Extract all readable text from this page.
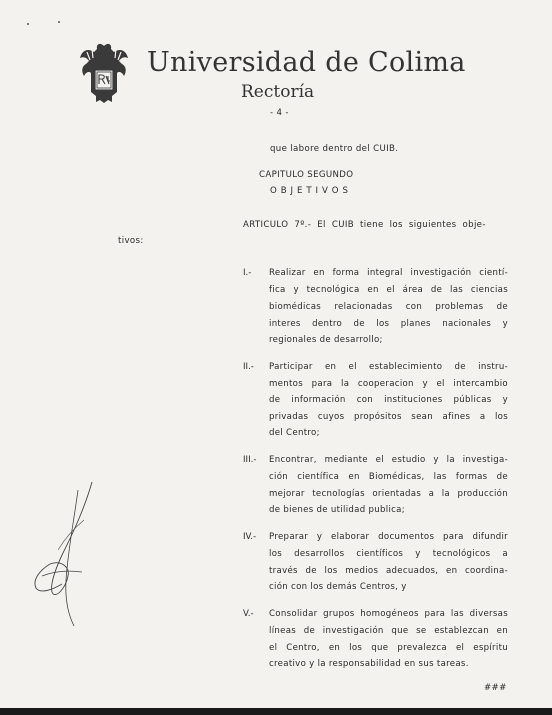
Universidad de Colima
Rectoría
- 4 -
que labore dentro del CUIB.
CAPITULO SEGUNDO
O B J E T I V O S
ARTICULO 7º.- El CUIB tiene los siguientes obje-
tivos:
I.- Realizar en forma integral investigación cientí-
fica y tecnológica en el área de las ciencias
biomédicas relacionadas con problemas de
interes dentro de los planes nacionales y
regionales de desarrollo;
II.- Participar en el establecimiento de instru-
mentos para la cooperacion y el intercambio
de información con instituciones públicas y
privadas cuyos propósitos sean afines a los
del Centro;
III.- Encontrar, mediante el estudio y la investiga-
ción científica en Biomédicas, las formas de
mejorar tecnologías orientadas a la producción
de bienes de utilidad publica;
IV.- Preparar y elaborar documentos para difundir
los desarrollos científicos y tecnológicos a
través de los medios adecuados, en coordina-
ción con los demás Centros, y
V.- Consolidar grupos homogéneos para las diversas
líneas de investigación que se establezcan en
el Centro, en los que prevalezca el espíritu
creativo y la responsabilidad en sus tareas.
###
